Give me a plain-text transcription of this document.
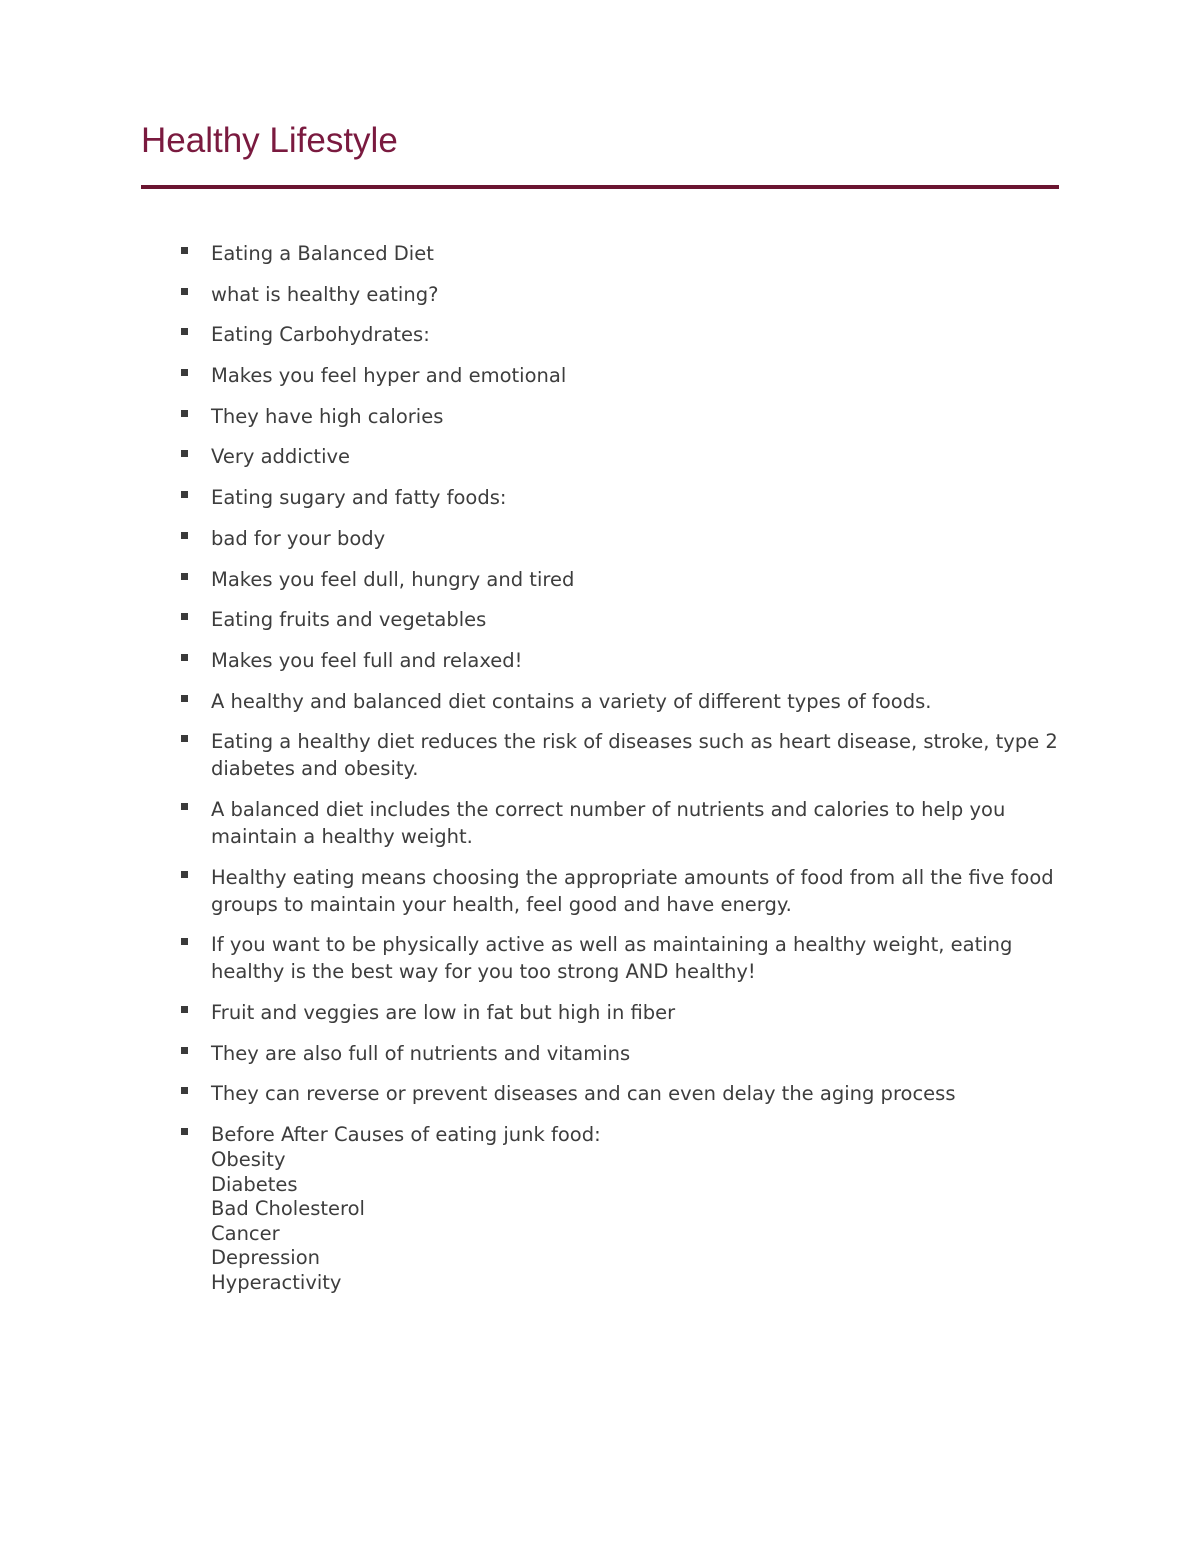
Healthy Lifestyle
Eating a Balanced Diet
what is healthy eating?
Eating Carbohydrates:
Makes you feel hyper and emotional
They have high calories
Very addictive
Eating sugary and fatty foods:
bad for your body
Makes you feel dull, hungry and tired
Eating fruits and vegetables
Makes you feel full and relaxed!
A healthy and balanced diet contains a variety of different types of foods.
Eating a healthy diet reduces the risk of diseases such as heart disease, stroke, type 2 diabetes and obesity.
A balanced diet includes the correct number of nutrients and calories to help you maintain a healthy weight.
Healthy eating means choosing the appropriate amounts of food from all the five food groups to maintain your health, feel good and have energy.
If you want to be physically active as well as maintaining a healthy weight, eating healthy is the best way for you too strong AND healthy!
Fruit and veggies are low in fat but high in fiber
They are also full of nutrients and vitamins
They can reverse or prevent diseases and can even delay the aging process
Before After Causes of eating junk food:
Obesity
Diabetes
Bad Cholesterol
Cancer
Depression
Hyperactivity
